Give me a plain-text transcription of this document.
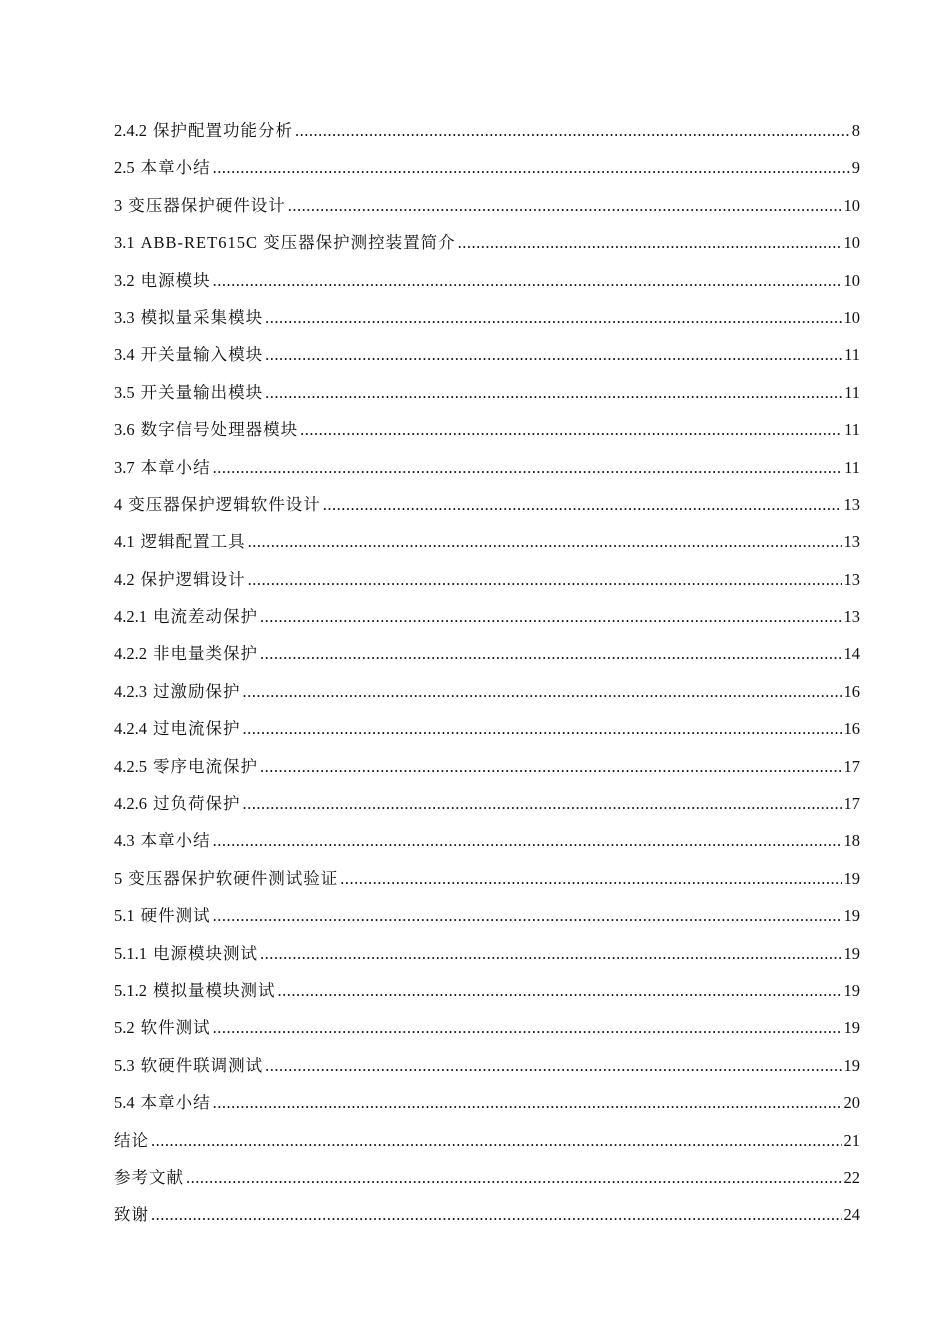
2.4.2 保护配置功能分析 .....	8
2.5 本章小结 .....	9
3 变压器保护硬件设计 .....	10
3.1 ABB-RET615C 变压器保护测控装置简介 .....	10
3.2 电源模块 .....	10
3.3 模拟量采集模块 .....	10
3.4 开关量输入模块 .....	11
3.5 开关量输出模块 .....	11
3.6 数字信号处理器模块 .....	11
3.7 本章小结 .....	11
4 变压器保护逻辑软件设计 .....	13
4.1 逻辑配置工具 .....	13
4.2 保护逻辑设计 .....	13
4.2.1 电流差动保护 .....	13
4.2.2 非电量类保护 .....	14
4.2.3 过激励保护 .....	16
4.2.4 过电流保护 .....	16
4.2.5 零序电流保护 .....	17
4.2.6 过负荷保护 .....	17
4.3 本章小结 .....	18
5 变压器保护软硬件测试验证 .....	19
5.1 硬件测试 .....	19
5.1.1 电源模块测试 .....	19
5.1.2 模拟量模块测试 .....	19
5.2 软件测试 .....	19
5.3 软硬件联调测试 .....	19
5.4 本章小结 .....	20
结论 .....	21
参考文献 .....	22
致谢 .....	24
